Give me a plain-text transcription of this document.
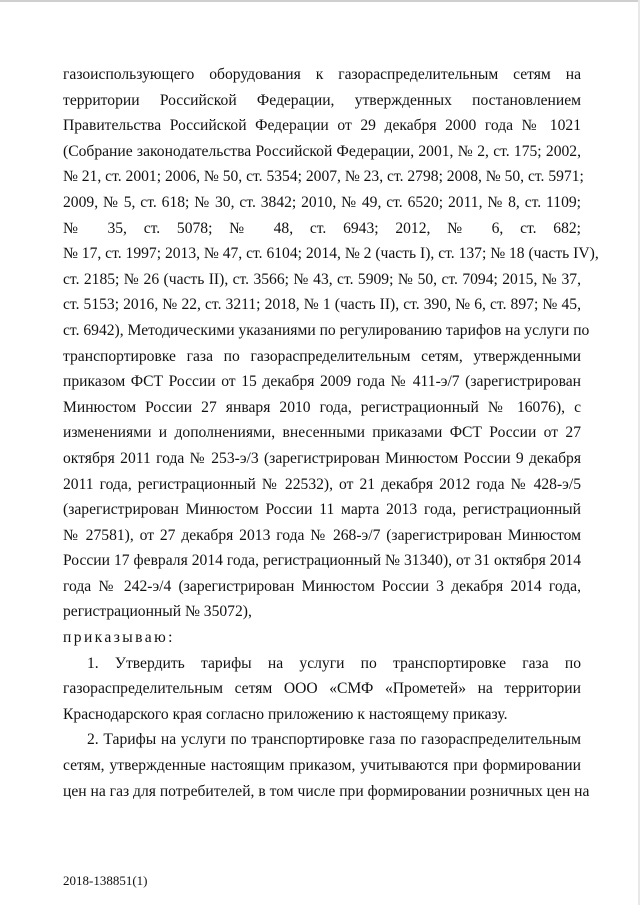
газоиспользующего оборудования к газораспределительным сетям на
территории Российской Федерации, утвержденных постановлением
Правительства Российской Федерации от 29 декабря 2000 года № 1021
(Собрание законодательства Российской Федерации, 2001, № 2, ст. 175; 2002,
№ 21, ст. 2001; 2006, № 50, ст. 5354; 2007, № 23, ст. 2798; 2008, № 50, ст. 5971;
2009, № 5, ст. 618; № 30, ст. 3842; 2010, № 49, ст. 6520; 2011, № 8, ст. 1109;
№ 35, ст. 5078; № 48, ст. 6943; 2012, № 6, ст. 682;
№ 17, ст. 1997; 2013, № 47, ст. 6104; 2014, № 2 (часть I), ст. 137; № 18 (часть IV),
ст. 2185; № 26 (часть II), ст. 3566; № 43, ст. 5909; № 50, ст. 7094; 2015, № 37,
ст. 5153; 2016, № 22, ст. 3211; 2018, № 1 (часть II), ст. 390, № 6, ст. 897; № 45,
ст. 6942), Методическими указаниями по регулированию тарифов на услуги по
транспортировке газа по газораспределительным сетям, утвержденными
приказом ФСТ России от 15 декабря 2009 года № 411-э/7 (зарегистрирован
Минюстом России 27 января 2010 года, регистрационный № 16076), с
изменениями и дополнениями, внесенными приказами ФСТ России от 27
октября 2011 года № 253-э/3 (зарегистрирован Минюстом России 9 декабря
2011 года, регистрационный № 22532), от 21 декабря 2012 года № 428-э/5
(зарегистрирован Минюстом России 11 марта 2013 года, регистрационный
№ 27581), от 27 декабря 2013 года № 268-э/7 (зарегистрирован Минюстом
России 17 февраля 2014 года, регистрационный № 31340), от 31 октября 2014
года № 242-э/4 (зарегистрирован Минюстом России 3 декабря 2014 года,
регистрационный № 35072),
приказываю:
1. Утвердить тарифы на услуги по транспортировке газа по
газораспределительным сетям ООО «СМФ «Прометей» на территории
Краснодарского края согласно приложению к настоящему приказу.
2. Тарифы на услуги по транспортировке газа по газораспределительным
сетям, утвержденные настоящим приказом, учитываются при формировании
цен на газ для потребителей, в том числе при формировании розничных цен на
2018-138851(1)
